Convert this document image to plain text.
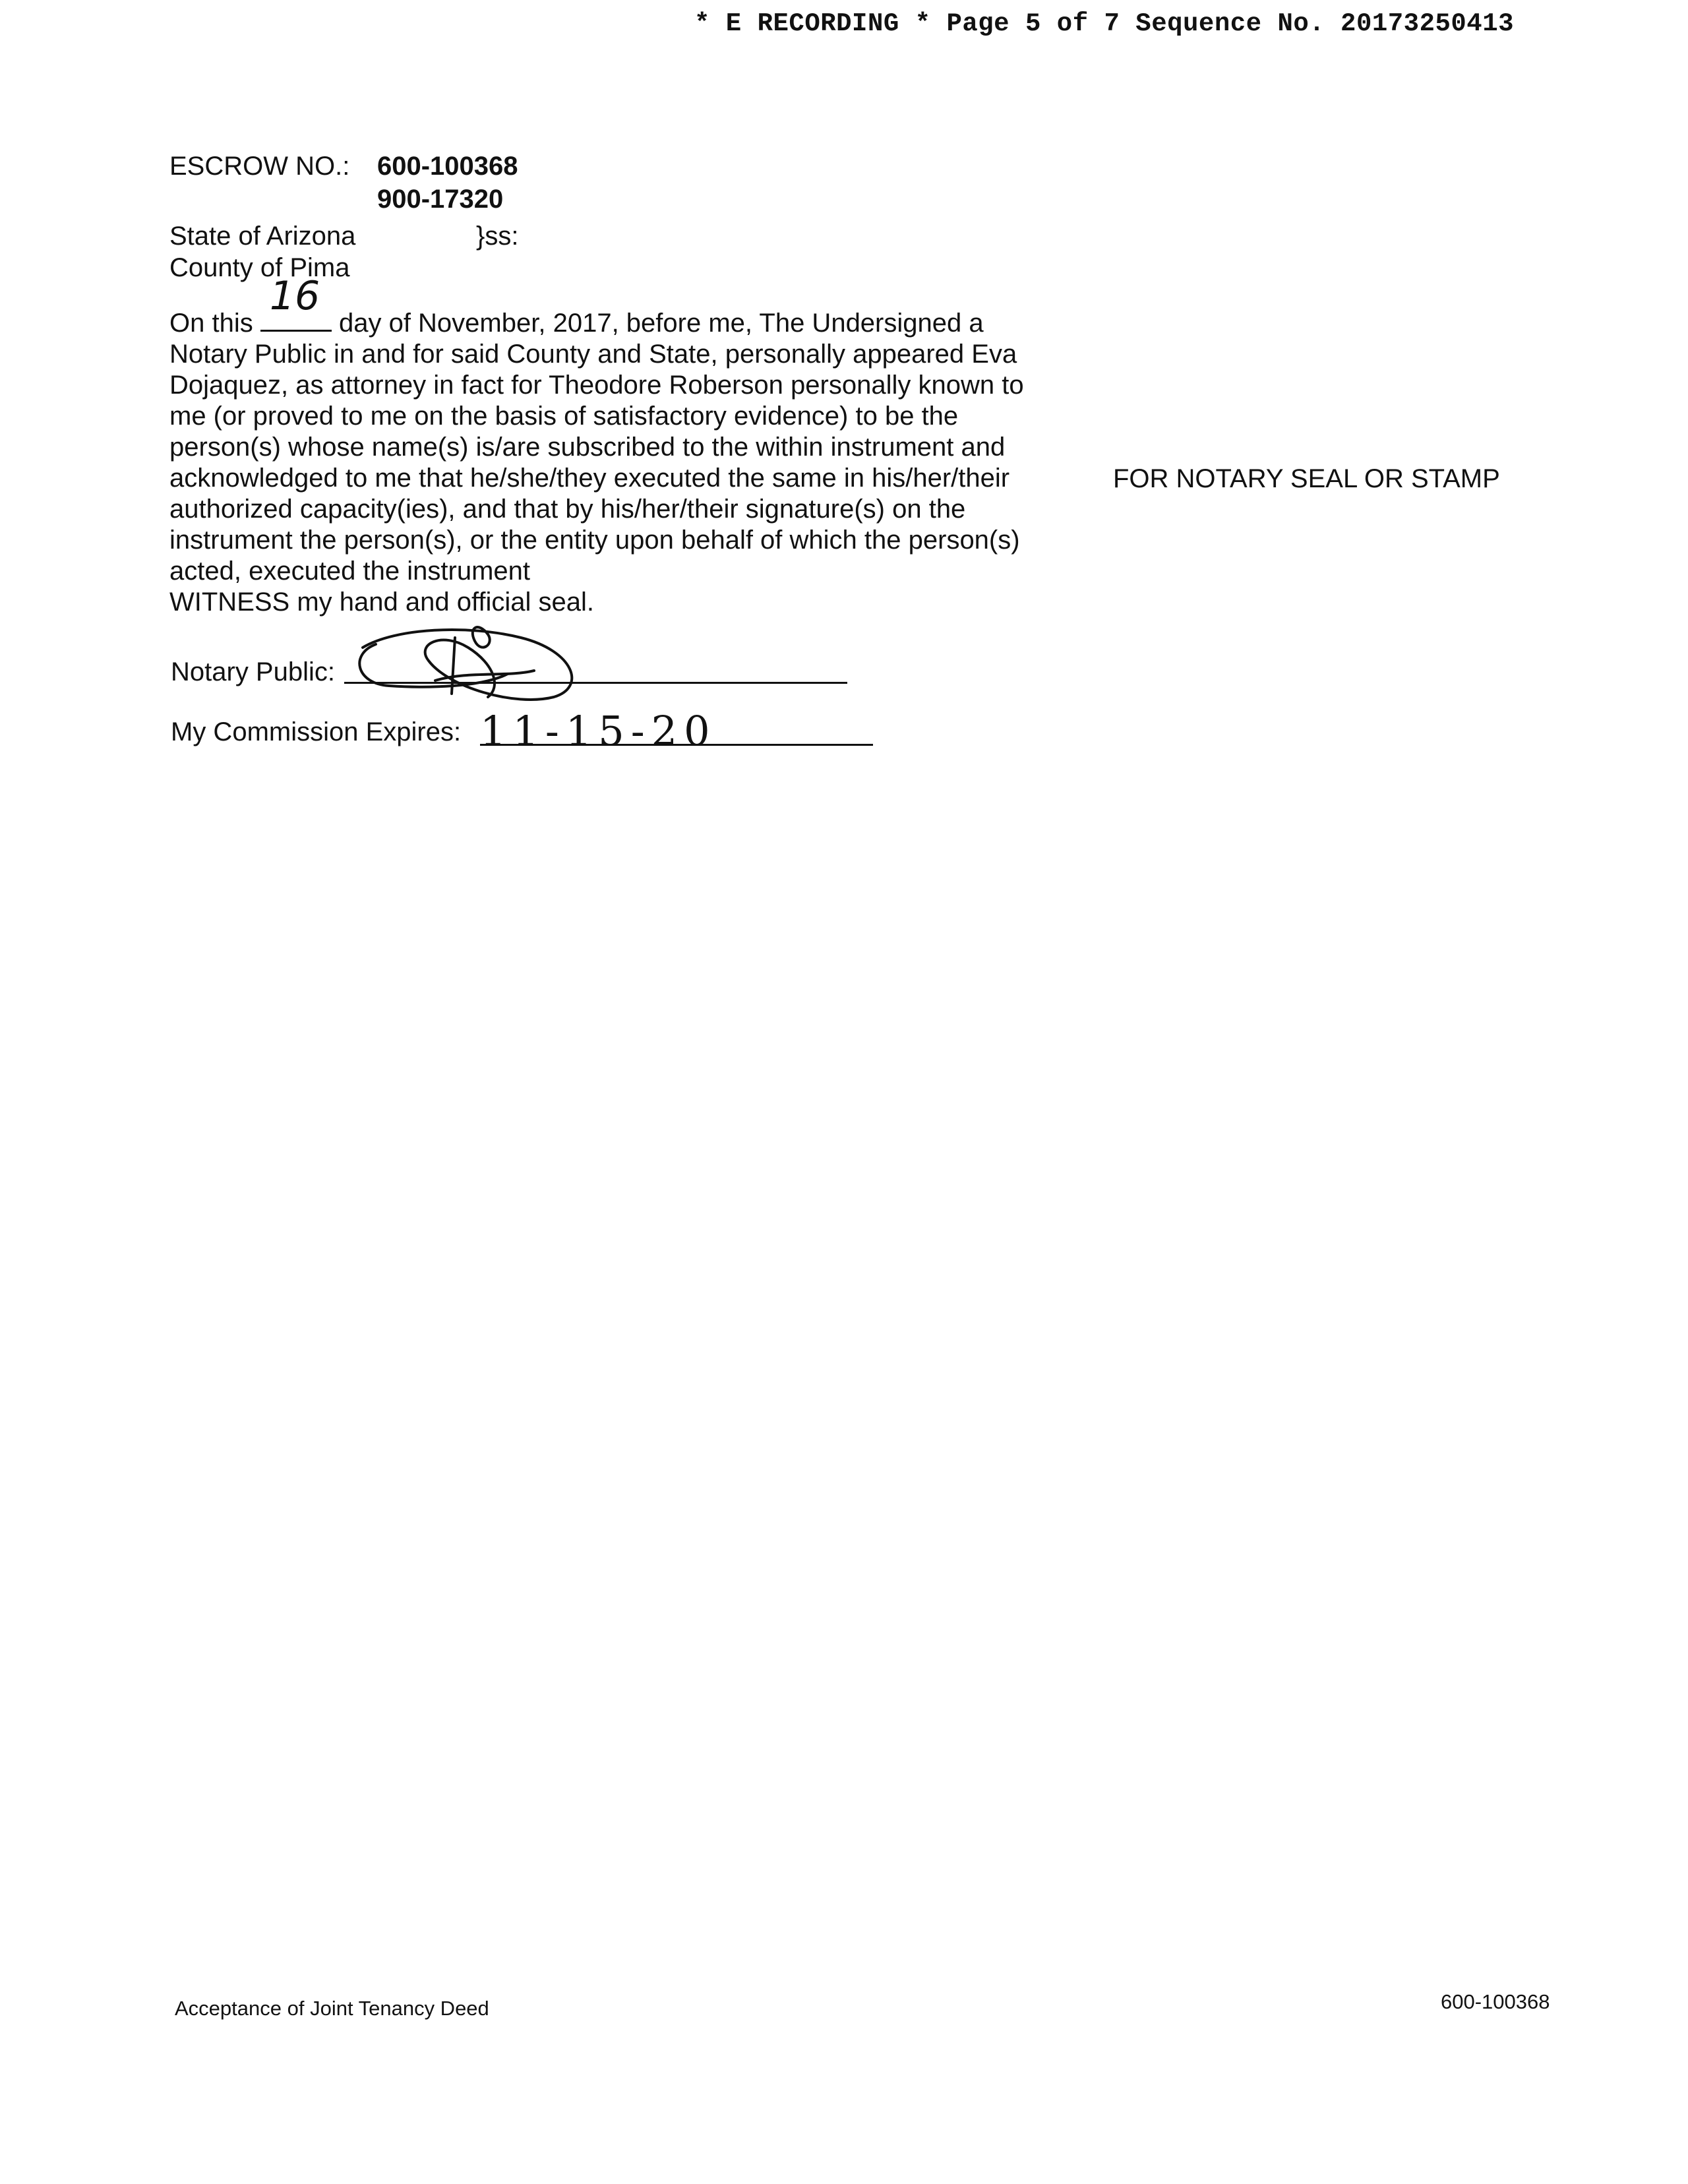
* E RECORDING * Page 5 of 7 Sequence No. 20173250413
ESCROW NO.: 600-100368
900-17320
State of Arizona	}ss:
County of Pima
On this
16
day of November, 2017, before me, The Undersigned a
Notary Public in and for said County and State, personally appeared Eva
Dojaquez, as attorney in fact for Theodore Roberson personally known to
me (or proved to me on the basis of satisfactory evidence) to be the
person(s) whose name(s) is/are subscribed to the within instrument and
acknowledged to me that he/she/they executed the same in his/her/their
authorized capacity(ies), and that by his/her/their signature(s) on the
instrument the person(s), or the entity upon behalf of which the person(s)
acted, executed the instrument
WITNESS my hand and official seal.
FOR NOTARY SEAL OR STAMP
Notary Public:
My Commission Expires: 11-15-20
Acceptance of Joint Tenancy Deed	600-100368
